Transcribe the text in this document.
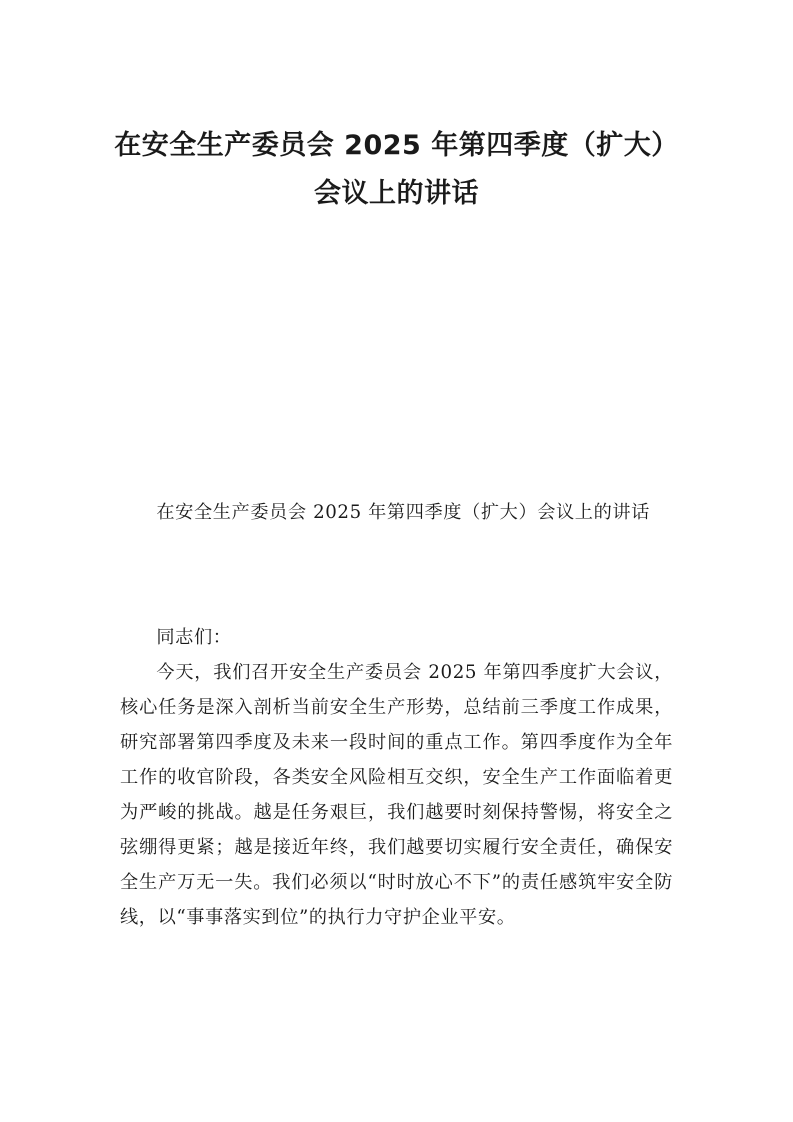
在安全生产委员会 2025 年第四季度（扩大）
会议上的讲话

在安全生产委员会 2025 年第四季度（扩大）会议上的讲话

同志们：

今天，我们召开安全生产委员会 2025 年第四季度扩大会议，核心任务是深入剖析当前安全生产形势，总结前三季度工作成果，研究部署第四季度及未来一段时间的重点工作。第四季度作为全年工作的收官阶段，各类安全风险相互交织，安全生产工作面临着更为严峻的挑战。越是任务艰巨，我们越要时刻保持警惕，将安全之弦绷得更紧；越是接近年终，我们越要切实履行安全责任，确保安全生产万无一失。我们必须以“时时放心不下”的责任感筑牢安全防线，以“事事落实到位”的执行力守护企业平安。
